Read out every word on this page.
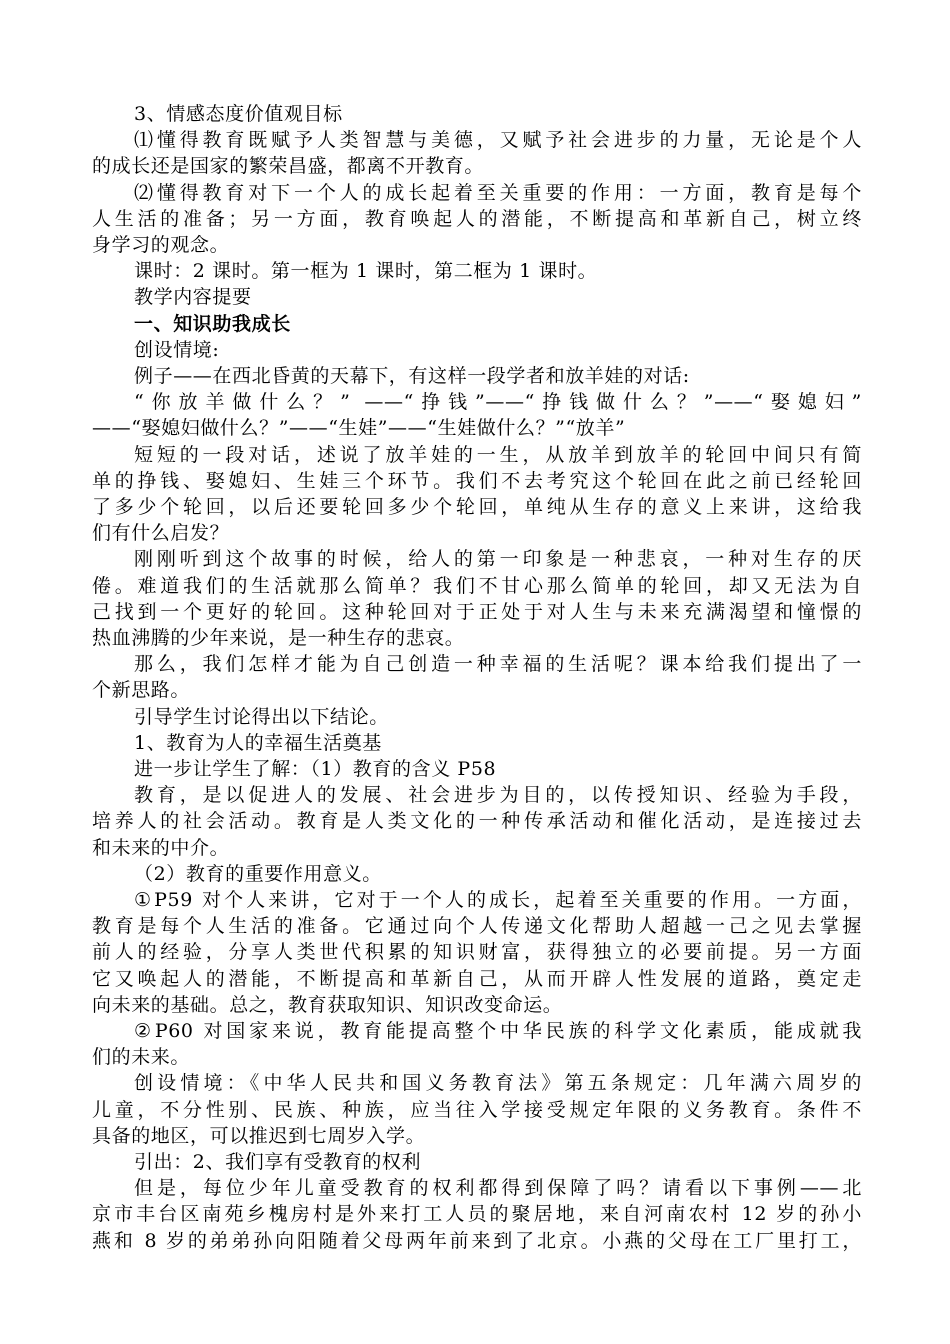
3、情感态度价值观目标
⑴懂得教育既赋予人类智慧与美德，又赋予社会进步的力量，无论是个人
的成长还是国家的繁荣昌盛，都离不开教育。
⑵懂得教育对下一个人的成长起着至关重要的作用：一方面，教育是每个
人生活的准备；另一方面，教育唤起人的潜能，不断提高和革新自己，树立终
身学习的观念。
课时：2 课时。第一框为 1 课时，第二框为 1 课时。
教学内容提要
一、知识助我成长
创设情境:
例子——在西北昏黄的天幕下，有这样一段学者和放羊娃的对话:
“你放羊做什么？” ——“挣钱”——“挣钱做什么？”——“娶媳妇”
——“娶媳妇做什么？”——“生娃”——“生娃做什么？”“放羊”
短短的一段对话，述说了放羊娃的一生，从放羊到放羊的轮回中间只有简
单的挣钱、娶媳妇、生娃三个环节。我们不去考究这个轮回在此之前已经轮回
了多少个轮回，以后还要轮回多少个轮回，单纯从生存的意义上来讲，这给我
们有什么启发？
刚刚听到这个故事的时候，给人的第一印象是一种悲哀，一种对生存的厌
倦。难道我们的生活就那么简单？我们不甘心那么简单的轮回，却又无法为自
己找到一个更好的轮回。这种轮回对于正处于对人生与未来充满渴望和憧憬的
热血沸腾的少年来说，是一种生存的悲哀。
那么，我们怎样才能为自己创造一种幸福的生活呢？课本给我们提出了一
个新思路。
引导学生讨论得出以下结论。
1、教育为人的幸福生活奠基
进一步让学生了解：（1）教育的含义 P58
教育，是以促进人的发展、社会进步为目的，以传授知识、经验为手段，
培养人的社会活动。教育是人类文化的一种传承活动和催化活动，是连接过去
和未来的中介。
（2）教育的重要作用意义。
①P59 对个人来讲，它对于一个人的成长，起着至关重要的作用。一方面，
教育是每个人生活的准备。它通过向个人传递文化帮助人超越一己之见去掌握
前人的经验，分享人类世代积累的知识财富，获得独立的必要前提。另一方面
它又唤起人的潜能，不断提高和革新自己，从而开辟人性发展的道路，奠定走
向未来的基础。总之，教育获取知识、知识改变命运。
②P60 对国家来说，教育能提高整个中华民族的科学文化素质，能成就我
们的未来。
创设情境：《中华人民共和国义务教育法》第五条规定：几年满六周岁的
儿童，不分性别、民族、种族，应当往入学接受规定年限的义务教育。条件不
具备的地区，可以推迟到七周岁入学。
引出：2、我们享有受教育的权利
但是，每位少年儿童受教育的权利都得到保障了吗？请看以下事例——北
京市丰台区南苑乡槐房村是外来打工人员的聚居地，来自河南农村 12 岁的孙小
燕和 8 岁的弟弟孙向阳随着父母两年前来到了北京。小燕的父母在工厂里打工，
